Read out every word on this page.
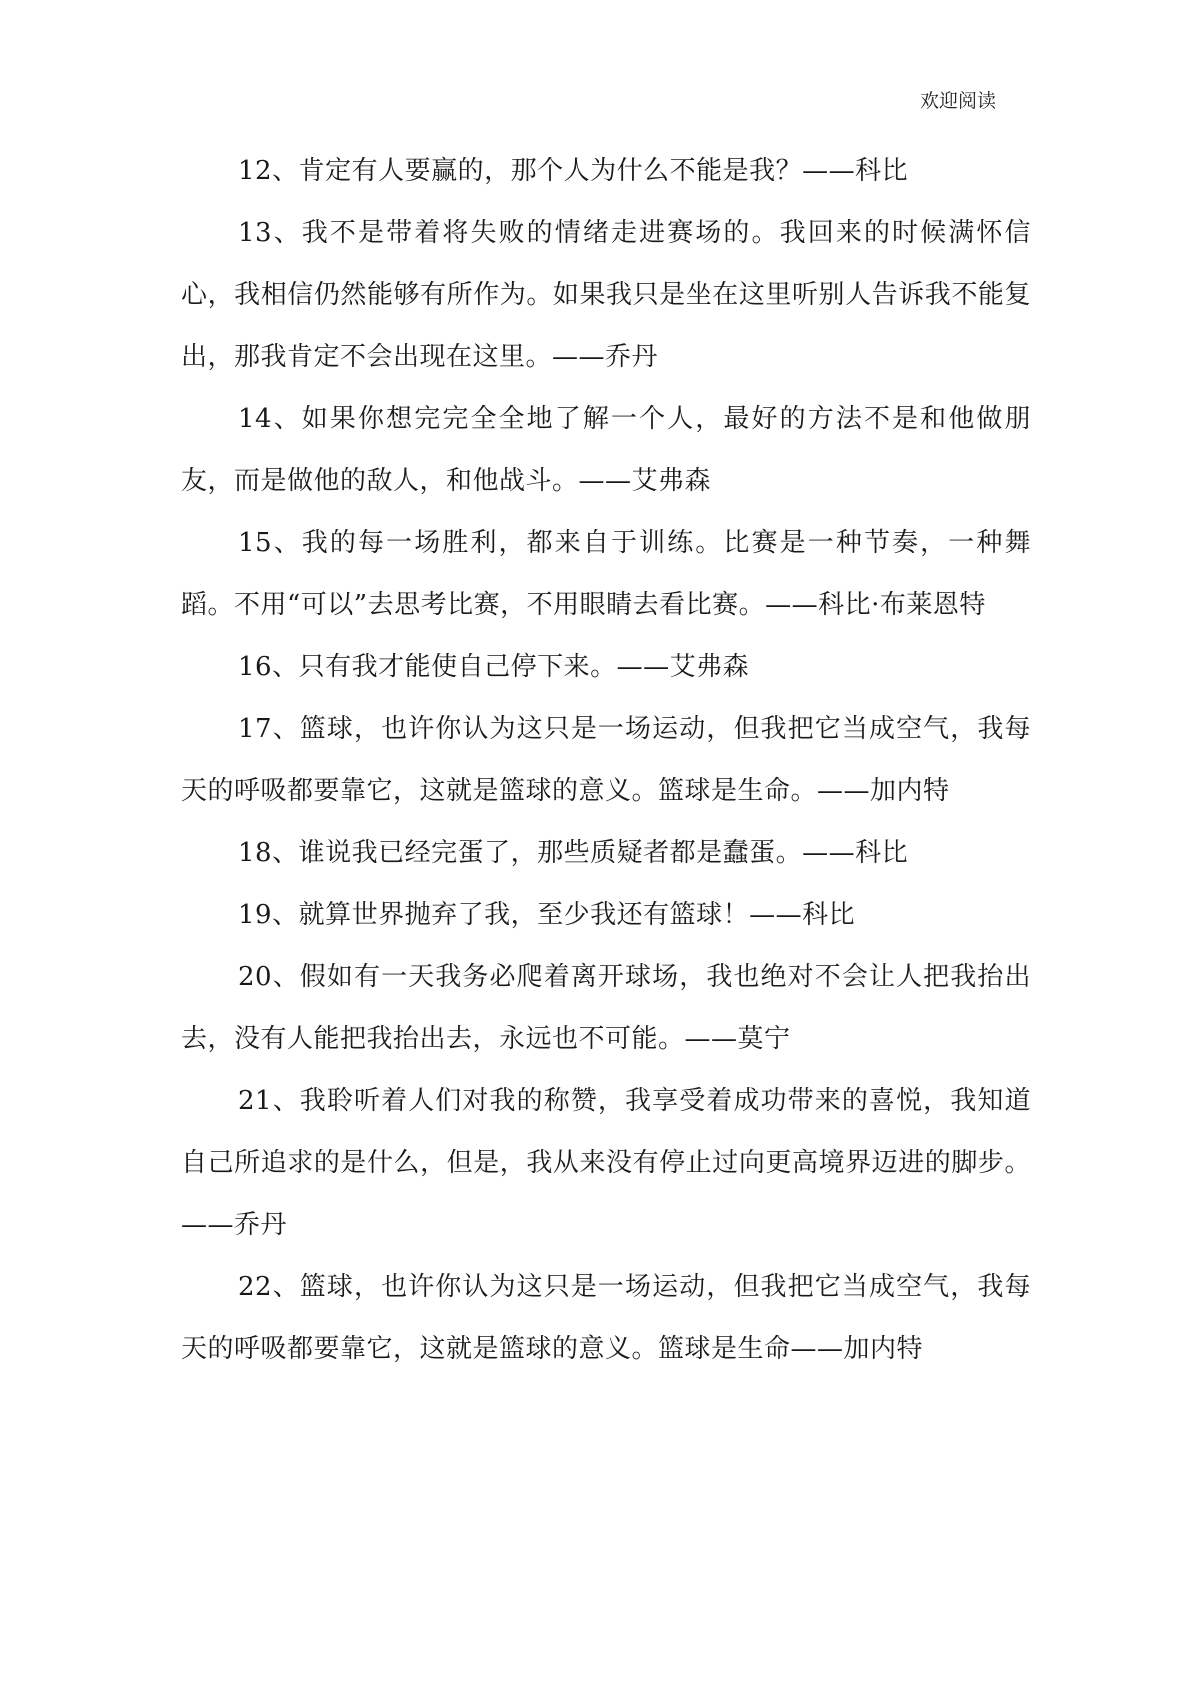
欢迎阅读

12、肯定有人要赢的，那个人为什么不能是我？——科比

13、我不是带着将失败的情绪走进赛场的。我回来的时候满怀信心，我相信仍然能够有所作为。如果我只是坐在这里听别人告诉我不能复出，那我肯定不会出现在这里。——乔丹

14、如果你想完完全全地了解一个人，最好的方法不是和他做朋友，而是做他的敌人，和他战斗。——艾弗森

15、我的每一场胜利，都来自于训练。比赛是一种节奏，一种舞蹈。不用“可以”去思考比赛，不用眼睛去看比赛。——科比·布莱恩特

16、只有我才能使自己停下来。——艾弗森

17、篮球，也许你认为这只是一场运动，但我把它当成空气，我每天的呼吸都要靠它，这就是篮球的意义。篮球是生命。——加内特

18、谁说我已经完蛋了，那些质疑者都是蠢蛋。——科比

19、就算世界抛弃了我，至少我还有篮球！——科比

20、假如有一天我务必爬着离开球场，我也绝对不会让人把我抬出去，没有人能把我抬出去，永远也不可能。——莫宁

21、我聆听着人们对我的称赞，我享受着成功带来的喜悦，我知道自己所追求的是什么，但是，我从来没有停止过向更高境界迈进的脚步。——乔丹

22、篮球，也许你认为这只是一场运动，但我把它当成空气，我每天的呼吸都要靠它，这就是篮球的意义。篮球是生命——加内特
